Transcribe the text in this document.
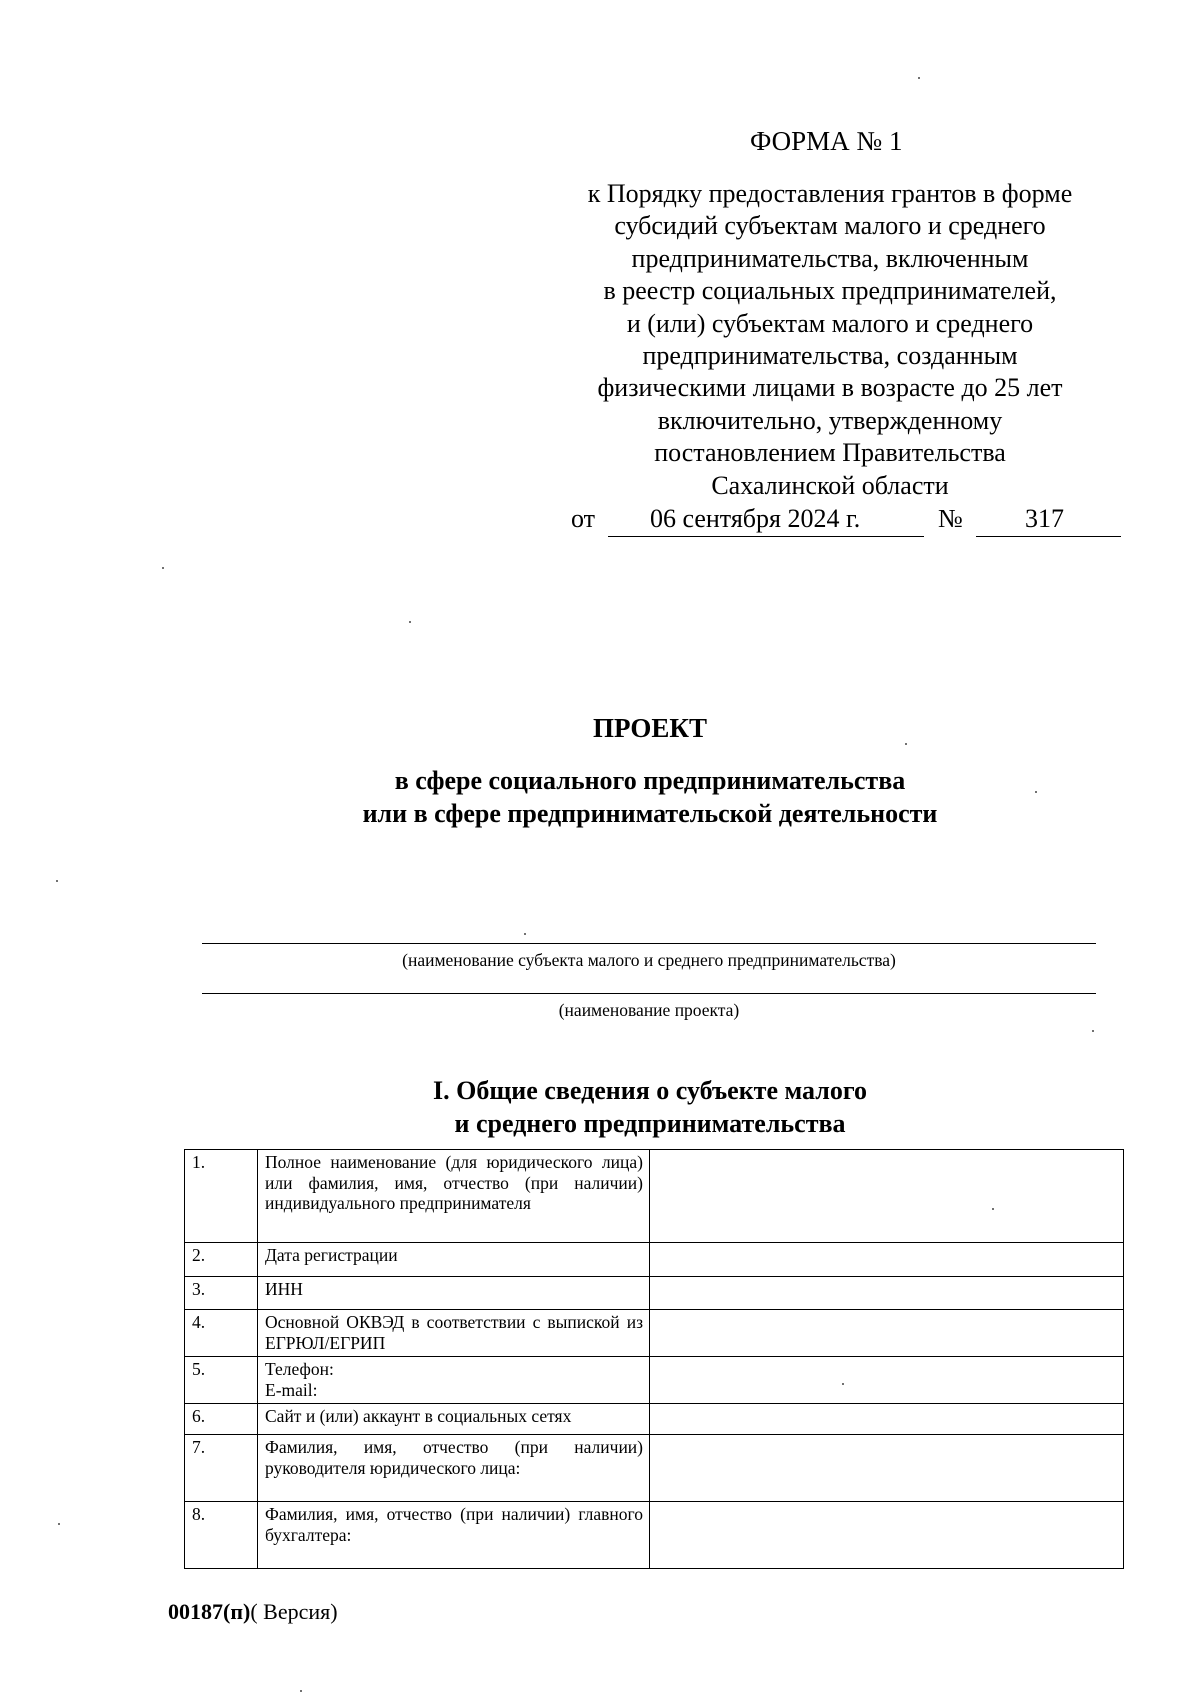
ФОРМА № 1
к Порядку предоставления грантов в форме
субсидий субъектам малого и среднего
предпринимательства, включенным
в реестр социальных предпринимателей,
и (или) субъектам малого и среднего
предпринимательства, созданным
физическими лицами в возрасте до 25 лет
включительно, утвержденному
постановлением Правительства
Сахалинской области
от 06 сентября 2024 г.	№ 317
ПРОЕКТ
в сфере социального предпринимательства
или в сфере предпринимательской деятельности
(наименование субъекта малого и среднего предпринимательства)
(наименование проекта)
I. Общие сведения о субъекте малого
и среднего предпринимательства
1.	Полное наименование (для юридического лица) или фамилия, имя, отчество (при наличии) индивидуального предпринимателя	
2.	Дата регистрации	
3.	ИНН	
4.	Основной ОКВЭД в соответствии с выпиской из ЕГРЮЛ/ЕГРИП	
5.	Телефон:
E-mail:	

6.	Сайт и (или) аккаунт в социальных сетях	
7.	Фамилия, имя, отчество (при наличии) руководителя юридического лица:	
8.	Фамилия, имя, отчество (при наличии) главного бухгалтера:	
00187(п)( Версия)
